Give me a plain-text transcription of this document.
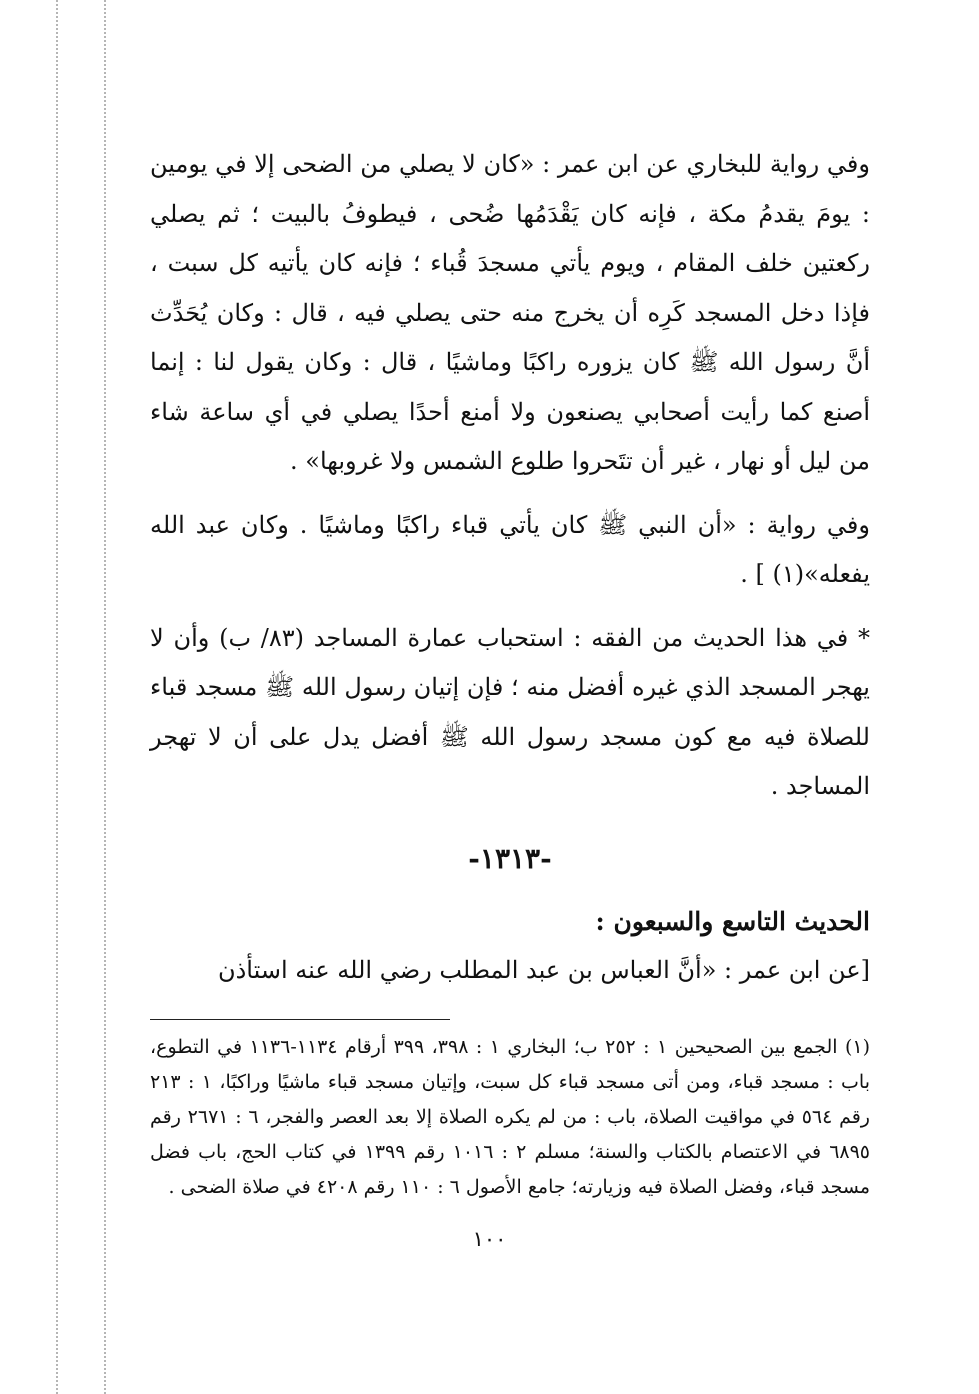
وفي رواية للبخاري عن ابن عمر : «كان لا يصلي من الضحى إلا في يومين : يومَ يقدمُ مكة ، فإنه كان يَقْدَمُها ضُحى ، فيطوفُ بالبيت ؛ ثم يصلي ركعتين خلف المقام ، ويوم يأتي مسجدَ قُباء ؛ فإنه كان يأتيه كل سبت ، فإذا دخل المسجد كَرِه أن يخرج منه حتى يصلي فيه ، قال : وكان يُحَدِّث أنَّ رسول الله ﷺ كان يزوره راكبًا وماشيًا ، قال : وكان يقول لنا : إنما أصنع كما رأيت أصحابي يصنعون ولا أمنع أحدًا يصلي في أي ساعة شاء من ليل أو نهار ، غير أن تتَحروا طلوع الشمس ولا غروبها» .

وفي رواية : «أن النبي ﷺ كان يأتي قباء راكبًا وماشيًا . وكان عبد الله يفعله»(١) ] .

* في هذا الحديث من الفقه : استحباب عمارة المساجد (٨٣/ ب) وأن لا يهجر المسجد الذي غيره أفضل منه ؛ فإن إتيان رسول الله ﷺ مسجد قباء للصلاة فيه مع كون مسجد رسول الله ﷺ أفضل يدل على أن لا تهجر المساجد .

-١٣١٣-

الحديث التاسع والسبعون :

[عن ابن عمر : «أنَّ العباس بن عبد المطلب رضي الله عنه استأذن

(١) الجمع بين الصحيحين ١ : ٢٥٢ ب؛ البخاري ١ : ٣٩٨، ٣٩٩ أرقام ١١٣٤-١١٣٦ في التطوع، باب : مسجد قباء، ومن أتى مسجد قباء كل سبت، وإتيان مسجد قباء ماشيًا وراكبًا، ١ : ٢١٣ رقم ٥٦٤ في مواقيت الصلاة، باب : من لم يكره الصلاة إلا بعد العصر والفجر، ٦ : ٢٦٧١ رقم ٦٨٩٥ في الاعتصام بالكتاب والسنة؛ مسلم ٢ : ١٠١٦ رقم ١٣٩٩ في كتاب الحج، باب فضل مسجد قباء، وفضل الصلاة فيه وزيارته؛ جامع الأصول ٦ : ١١٠ رقم ٤٢٠٨ في صلاة الضحى .

١٠٠
